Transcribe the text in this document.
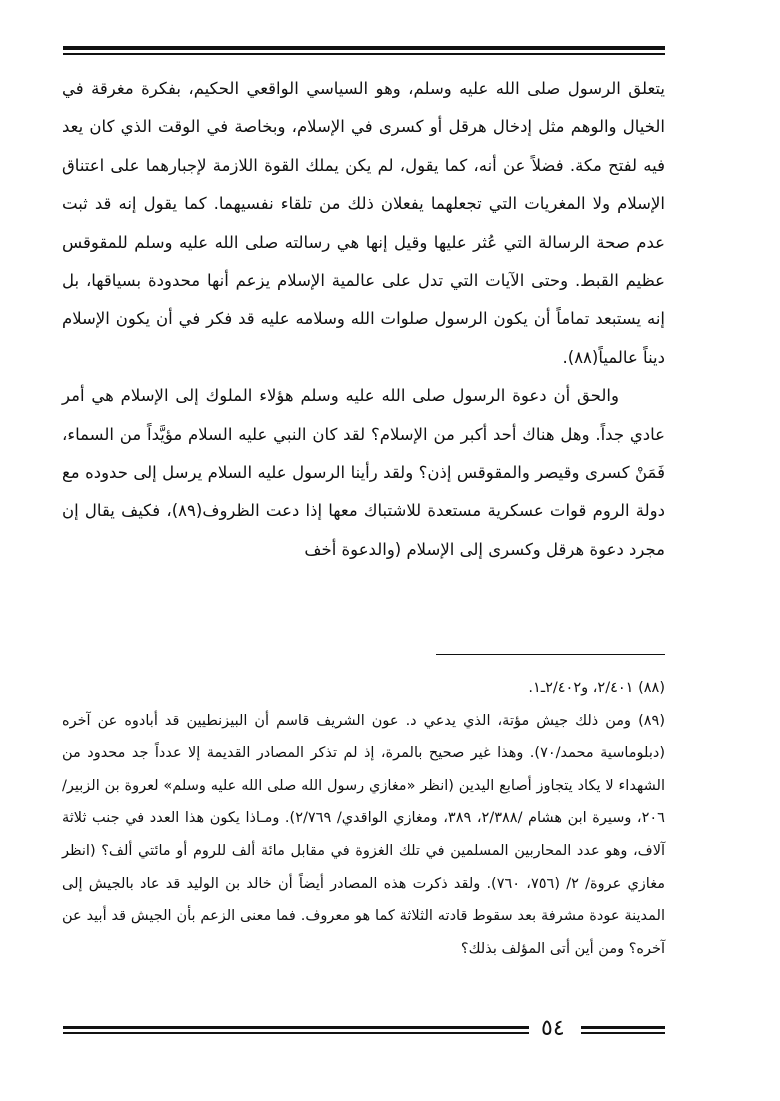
يتعلق الرسول صلى الله عليه وسلم، وهو السياسي الواقعي الحكيم، بفكرة مغرقة في الخيال والوهم مثل إدخال هرقل أو كسرى في الإسلام، وبخاصة في الوقت الذي كان يعد فيه لفتح مكة. فضلاً عن أنه، كما يقول، لم يكن يملك القوة اللازمة لإجبارهما على اعتناق الإسلام ولا المغريات التي تجعلهما يفعلان ذلك من تلقاء نفسيهما. كما يقول إنه قد ثبت عدم صحة الرسالة التي عُثر عليها وقيل إنها هي رسالته صلى الله عليه وسلم للمقوقس عظيم القبط. وحتى الآيات التي تدل على عالمية الإسلام يزعم أنها محدودة بسياقها، بل إنه يستبعد تماماً أن يكون الرسول صلوات الله وسلامه عليه قد فكر في أن يكون الإسلام ديناً عالمياً(٨٨).

والحق أن دعوة الرسول صلى الله عليه وسلم هؤلاء الملوك إلى الإسلام هي أمر عادي جداً. وهل هناك أحد أكبر من الإسلام؟ لقد كان النبي عليه السلام مؤيَّداً من السماء، فَمَنْ كسرى وقيصر والمقوقس إذن؟ ولقد رأينا الرسول عليه السلام يرسل إلى حدوده مع دولة الروم قوات عسكرية مستعدة للاشتباك معها إذا دعت الظروف(٨٩)، فكيف يقال إن مجرد دعوة هرقل وكسرى إلى الإسلام (والدعوة أخف

(٨٨) ٢/٤٠١، و٢/٤٠٢ـ١.

(٨٩) ومن ذلك جيش مؤتة، الذي يدعي د. عون الشريف قاسم أن البيزنطيين قد أبادوه عن آخره (دبلوماسية محمد/٧٠). وهذا غير صحيح بالمرة، إذ لم تذكر المصادر القديمة إلا عدداً جد محدود من الشهداء لا يكاد يتجاوز أصابع اليدين (انظر «مغازي رسول الله صلى الله عليه وسلم» لعروة بن الزبير/ ٢٠٦، وسيرة ابن هشام /٢/٣٨٨، ٣٨٩، ومغازي الواقدي/ ٢/٧٦٩). ومـاذا يكون هذا العدد في جنب ثلاثة آلاف، وهو عدد المحاربين المسلمين في تلك الغزوة في مقابل مائة ألف للروم أو مائتي ألف؟ (انظر مغازي عروة/ ٢/ (٧٥٦، ٧٦٠). ولقد ذكرت هذه المصادر أيضاً أن خالد بن الوليد قد عاد بالجيش إلى المدينة عودة مشرفة بعد سقوط قادته الثلاثة كما هو معروف. فما معنى الزعم بأن الجيش قد أبيد عن آخره؟ ومن أين أتى المؤلف بذلك؟

٥٤
